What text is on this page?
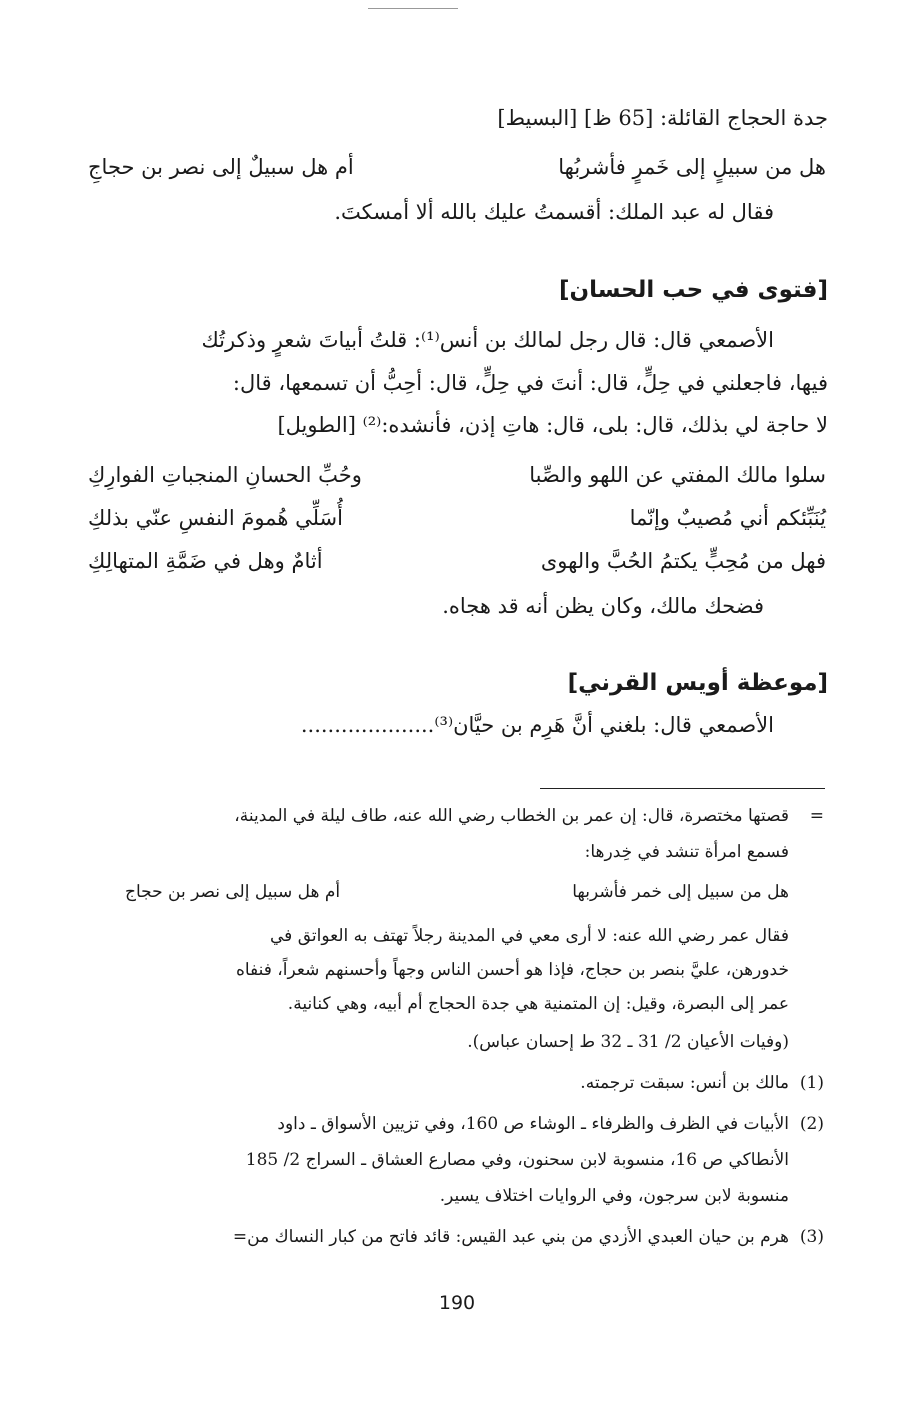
جدة الحجاج القائلة: [65 ظ] [البسيط]
هل من سبيلٍ إلى خَمرٍ فأشربُها
أم هل سبيلٌ إلى نصر بن حجاجِ
فقال له عبد الملك: أقسمتُ عليك بالله ألا أمسكتَ.
[فتوى في حب الحسان]
الأصمعي قال: قال رجل لمالك بن أنس⁽¹⁾: قلتُ أبياتَ شعرٍ وذكرتُك
فيها، فاجعلني في حِلٍّ، قال: أنتَ في حِلٍّ، قال: أحِبُّ أن تسمعها، قال:
لا حاجة لي بذلك، قال: بلى، قال: هاتِ إذن، فأنشده:⁽²⁾ [الطويل]
سلوا مالك المفتي عن اللهو والصِّبا
وحُبِّ الحسانِ المنجباتِ الفوارِكِ
يُنَبِّئكم أني مُصيبٌ وإنّما
أُسَلِّي هُمومَ النفسِ عنّي بذلكِ
فهل من مُحِبٍّ يكتمُ الحُبَّ والهوى
أثامٌ وهل في ضَمَّةِ المتهالِكِ
فضحك مالك، وكان يظن أنه قد هجاه.
[موعظة أويس القرني]
الأصمعي قال: بلغني أنَّ هَرِم بن حيَّان⁽³⁾....................
=
قصتها مختصرة، قال: إن عمر بن الخطاب رضي الله عنه، طاف ليلة في المدينة،
فسمع امرأة تنشد في خِدرها:
هل من سبيل إلى خمر فأشربها
أم هل سبيل إلى نصر بن حجاج
فقال عمر رضي الله عنه: لا أرى معي في المدينة رجلاً تهتف به العواتق في
خدورهن، عليَّ بنصر بن حجاج، فإذا هو أحسن الناس وجهاً وأحسنهم شعراً، فنفاه
عمر إلى البصرة، وقيل: إن المتمنية هي جدة الحجاج أم أبيه، وهي كنانية.
(وفيات الأعيان 2/ 31 ـ 32 ط إحسان عباس).
(1)
مالك بن أنس: سبقت ترجمته.
(2)
الأبيات في الظرف والظرفاء ـ الوشاء ص 160، وفي تزيين الأسواق ـ داود
الأنطاكي ص 16، منسوبة لابن سحنون، وفي مصارع العشاق ـ السراج 2/ 185
منسوبة لابن سرجون، وفي الروايات اختلاف يسير.
(3)
هرم بن حيان العبدي الأزدي من بني عبد القيس: قائد فاتح من كبار النساك من=
190
